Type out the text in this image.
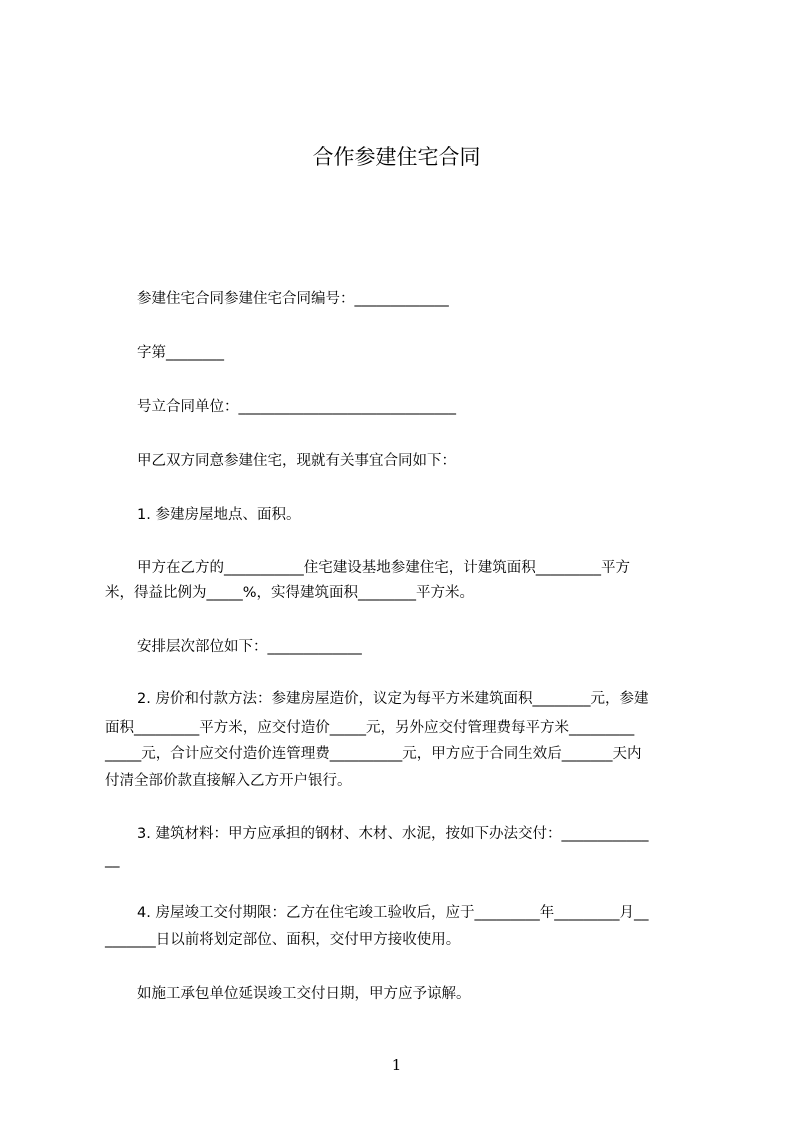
合作参建住宅合同

参建住宅合同参建住宅合同编号：_____________

字第________

号立合同单位：______________________________

甲乙双方同意参建住宅，现就有关事宜合同如下：

1. 参建房屋地点、面积。

甲方在乙方的___________住宅建设基地参建住宅，计建筑面积_________平方

米，得益比例为_____%，实得建筑面积________平方米。

安排层次部位如下：_____________

2. 房价和付款方法：参建房屋造价，议定为每平方米建筑面积________元，参建

面积_________平方米，应交付造价_____元，另外应交付管理费每平方米_________

_____元，合计应交付造价连管理费__________元，甲方应于合同生效后_______天内

付清全部价款直接解入乙方开户银行。

3. 建筑材料：甲方应承担的钢材、木材、水泥，按如下办法交付：____________

__

4. 房屋竣工交付期限：乙方在住宅竣工验收后，应于_________年_________月__

_______日以前将划定部位、面积，交付甲方接收使用。

如施工承包单位延误竣工交付日期，甲方应予谅解。

1
